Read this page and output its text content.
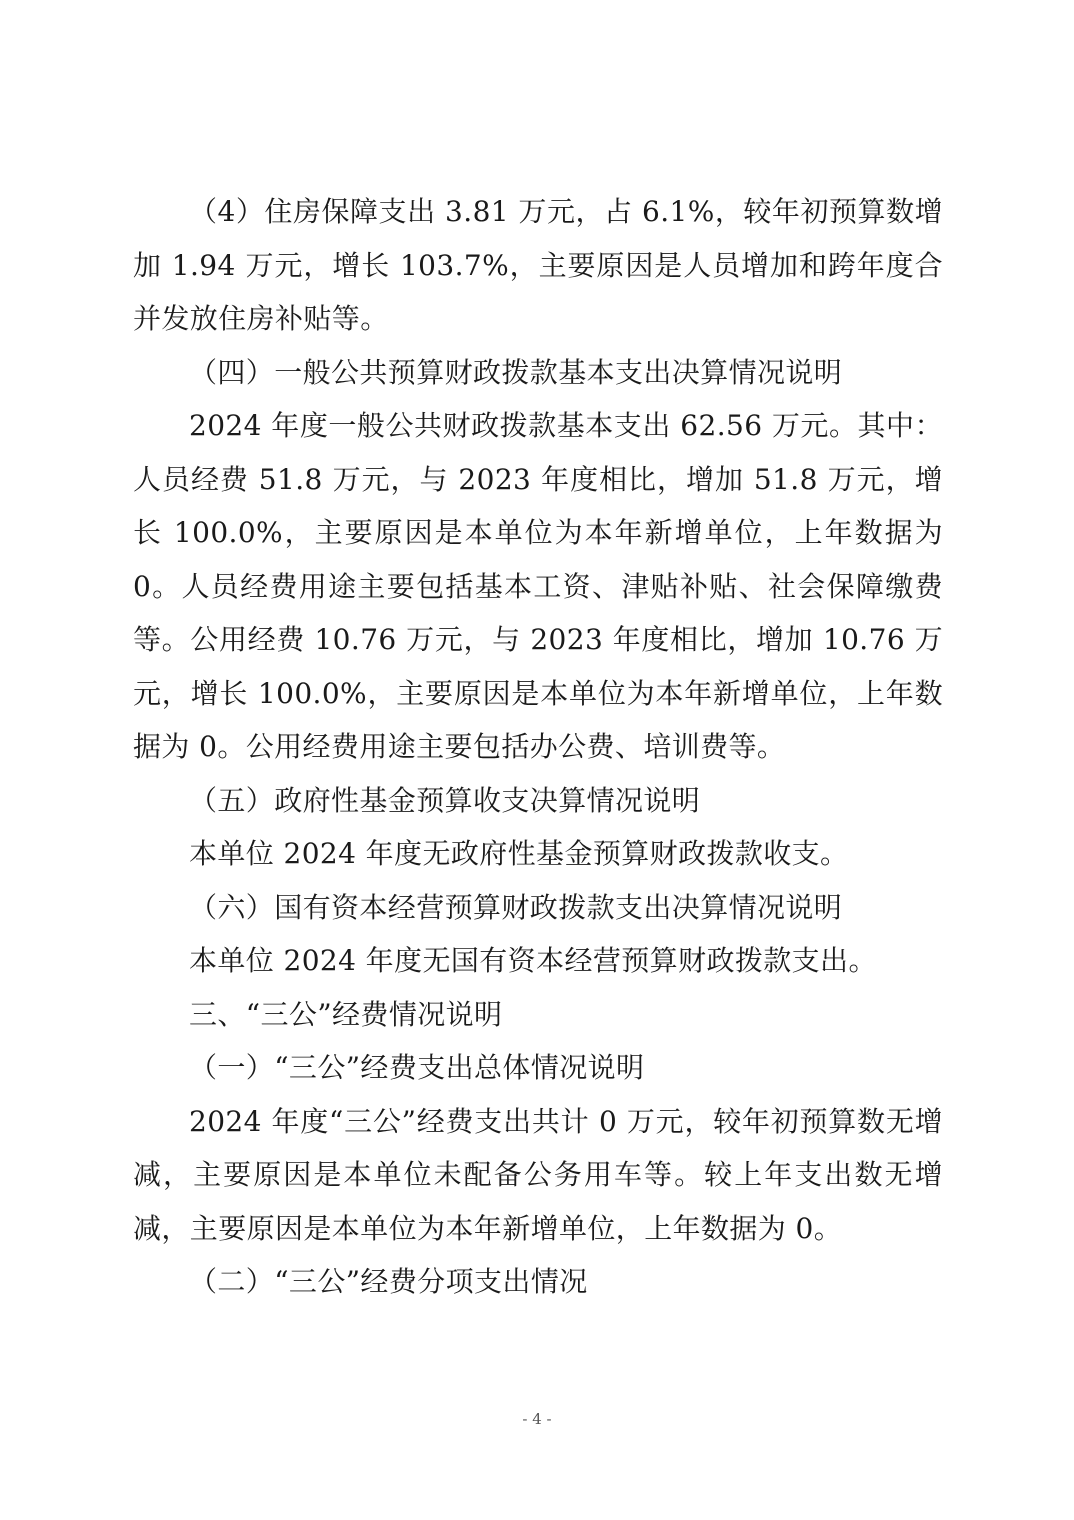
（4）住房保障支出 3.81 万元，占 6.1%，较年初预算数增加 1.94 万元，增长 103.7%，主要原因是人员增加和跨年度合并发放住房补贴等。

（四）一般公共预算财政拨款基本支出决算情况说明

2024 年度一般公共财政拨款基本支出 62.56 万元。其中：人员经费 51.8 万元，与 2023 年度相比，增加 51.8 万元，增长 100.0%，主要原因是本单位为本年新增单位，上年数据为 0。人员经费用途主要包括基本工资、津贴补贴、社会保障缴费等。公用经费 10.76 万元，与 2023 年度相比，增加 10.76 万元，增长 100.0%，主要原因是本单位为本年新增单位，上年数据为 0。公用经费用途主要包括办公费、培训费等。

（五）政府性基金预算收支决算情况说明

本单位 2024 年度无政府性基金预算财政拨款收支。

（六）国有资本经营预算财政拨款支出决算情况说明

本单位 2024 年度无国有资本经营预算财政拨款支出。

三、“三公”经费情况说明

（一）“三公”经费支出总体情况说明

2024 年度“三公”经费支出共计 0 万元，较年初预算数无增减，主要原因是本单位未配备公务用车等。较上年支出数无增减，主要原因是本单位为本年新增单位，上年数据为 0。

（二）“三公”经费分项支出情况

- 4 -
